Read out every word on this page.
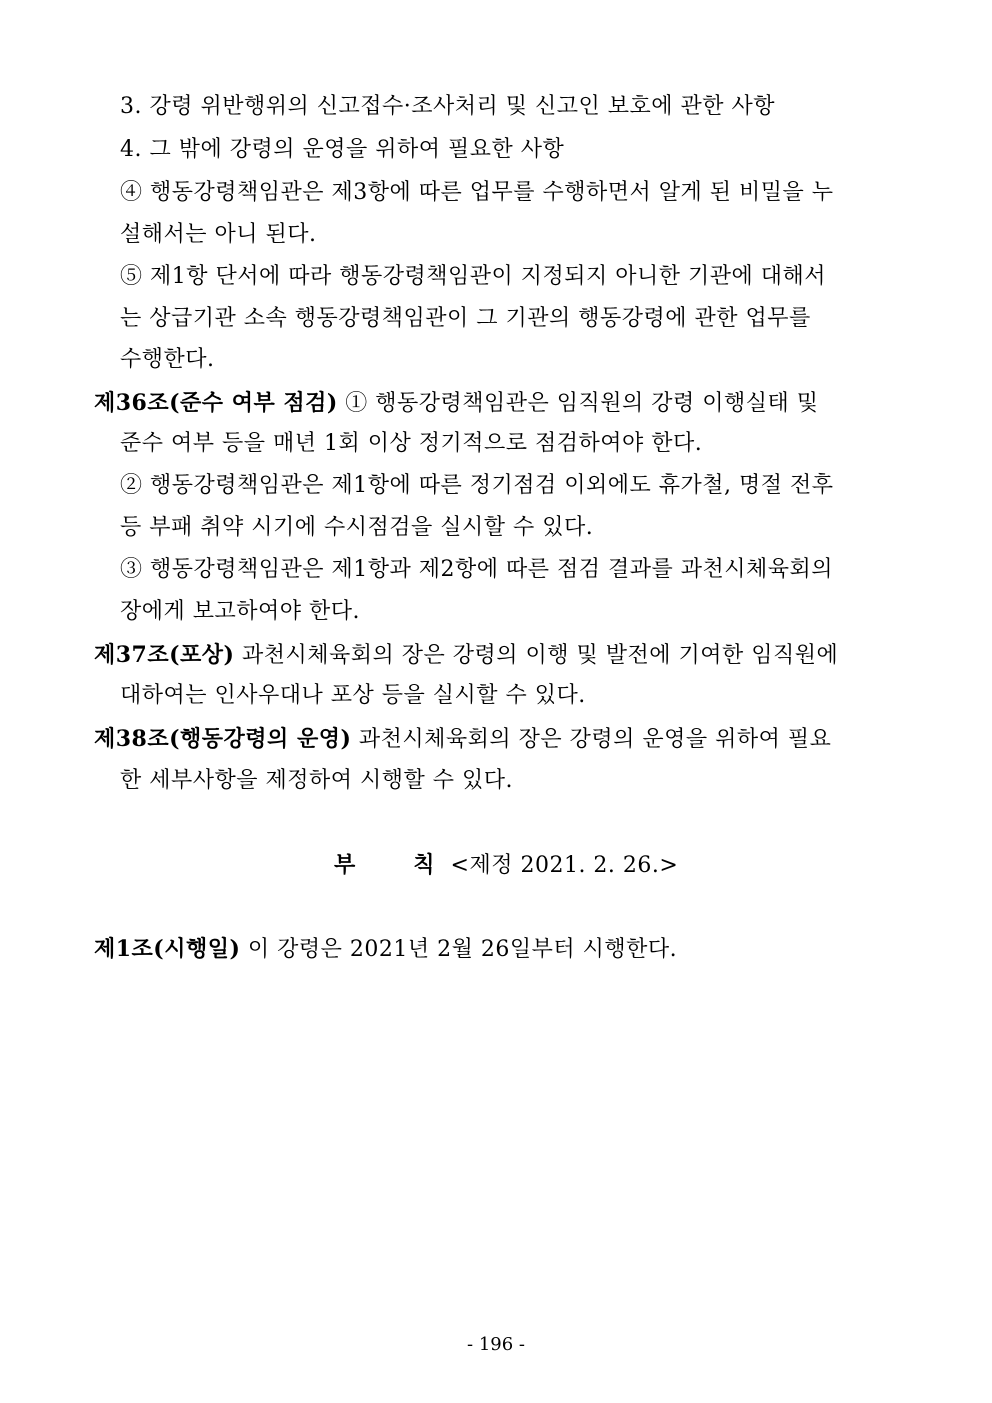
3. 강령 위반행위의 신고접수·조사처리 및 신고인 보호에 관한 사항
4. 그 밖에 강령의 운영을 위하여 필요한 사항
④ 행동강령책임관은 제3항에 따른 업무를 수행하면서 알게 된 비밀을 누
설해서는 아니 된다.
⑤ 제1항 단서에 따라 행동강령책임관이 지정되지 아니한 기관에 대해서
는 상급기관 소속 행동강령책임관이 그 기관의 행동강령에 관한 업무를
수행한다.
제36조(준수 여부 점검) ① 행동강령책임관은 임직원의 강령 이행실태 및
준수 여부 등을 매년 1회 이상 정기적으로 점검하여야 한다.
② 행동강령책임관은 제1항에 따른 정기점검 이외에도 휴가철, 명절 전후
등 부패 취약 시기에 수시점검을 실시할 수 있다.
③ 행동강령책임관은 제1항과 제2항에 따른 점검 결과를 과천시체육회의
장에게 보고하여야 한다.
제37조(포상) 과천시체육회의 장은 강령의 이행 및 발전에 기여한 임직원에
대하여는 인사우대나 포상 등을 실시할 수 있다.
제38조(행동강령의 운영) 과천시체육회의 장은 강령의 운영을 위하여 필요
한 세부사항을 제정하여 시행할 수 있다.
부	칙 <제정 2021. 2. 26.>
제1조(시행일) 이 강령은 2021년 2월 26일부터 시행한다.
- 196 -
